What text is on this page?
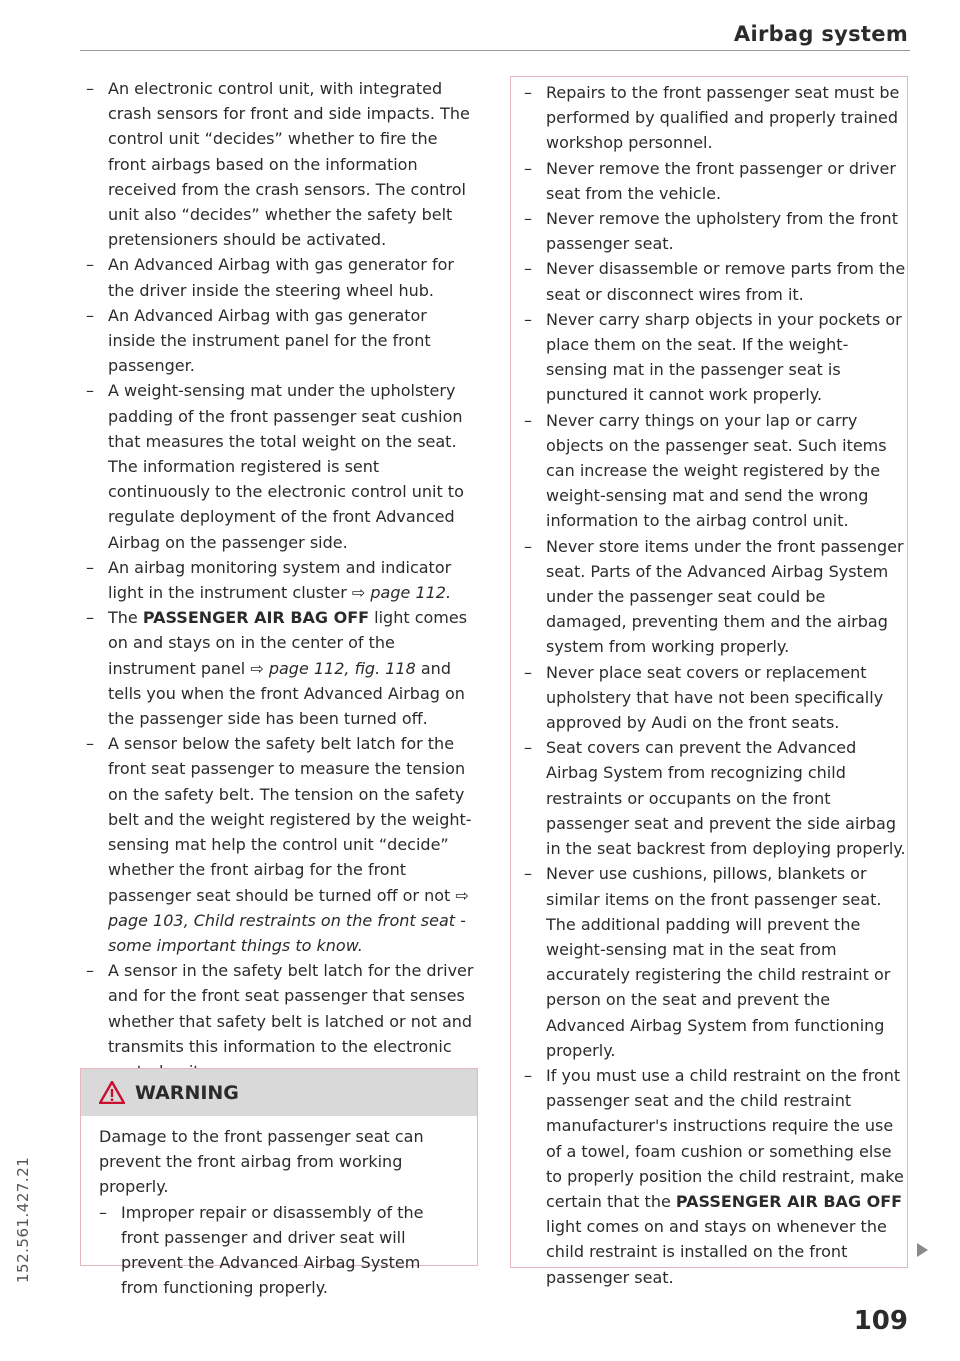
Airbag system
– An electronic control unit, with integrated crash sensors for front and side impacts. The control unit “decides” whether to fire the front airbags based on the information received from the crash sensors. The control unit also “decides” whether the safety belt pretensioners should be activated.
– An Advanced Airbag with gas generator for the driver inside the steering wheel hub.
– An Advanced Airbag with gas generator inside the instrument panel for the front passenger.
– A weight-sensing mat under the upholstery padding of the front passenger seat cushion that measures the total weight on the seat. The information registered is sent continuously to the electronic control unit to regulate deployment of the front Advanced Airbag on the passenger side.
– An airbag monitoring system and indicator light in the instrument cluster ⇨ page 112.
– The PASSENGER AIR BAG OFF light comes on and stays on in the center of the instrument panel ⇨ page 112, fig. 118 and tells you when the front Advanced Airbag on the passenger side has been turned off.
– A sensor below the safety belt latch for the front seat passenger to measure the tension on the safety belt. The tension on the safety belt and the weight registered by the weight-sensing mat help the control unit “decide” whether the front airbag for the front passenger seat should be turned off or not ⇨ page 103, Child restraints on the front seat - some important things to know.
– A sensor in the safety belt latch for the driver and for the front seat passenger that senses whether that safety belt is latched or not and transmits this information to the electronic
WARNING
Damage to the front passenger seat can prevent the front airbag from working properly.
– Improper repair or disassembly of the front passenger and driver seat will prevent the Advanced Airbag System from functioning properly.
– Repairs to the front passenger seat must be performed by qualified and properly trained workshop personnel.
– Never remove the front passenger or driver seat from the vehicle.
– Never remove the upholstery from the front passenger seat.
– Never disassemble or remove parts from the seat or disconnect wires from it.
– Never carry sharp objects in your pockets or place them on the seat. If the weight-sensing mat in the passenger seat is punctured it cannot work properly.
– Never carry things on your lap or carry objects on the passenger seat. Such items can increase the weight registered by the weight-sensing mat and send the wrong information to the airbag control unit.
– Never store items under the front passenger seat. Parts of the Advanced Airbag System under the passenger seat could be damaged, preventing them and the airbag system from working properly.
– Never place seat covers or replacement upholstery that have not been specifically approved by Audi on the front seats.
– Seat covers can prevent the Advanced Airbag System from recognizing child restraints or occupants on the front passenger seat and prevent the side airbag in the seat backrest from deploying properly.
– Never use cushions, pillows, blankets or similar items on the front passenger seat. The additional padding will prevent the weight-sensing mat in the seat from accurately registering the child restraint or person on the seat and prevent the Advanced Airbag System from functioning properly.
– If you must use a child restraint on the front passenger seat and the child restraint manufacturer's instructions require the use of a towel, foam cushion or something else to properly position the child restraint, make certain that the PASSENGER AIR BAG OFF light comes on and stays on whenever the child restraint is installed on the front passenger seat.
109
152.561.427.21
